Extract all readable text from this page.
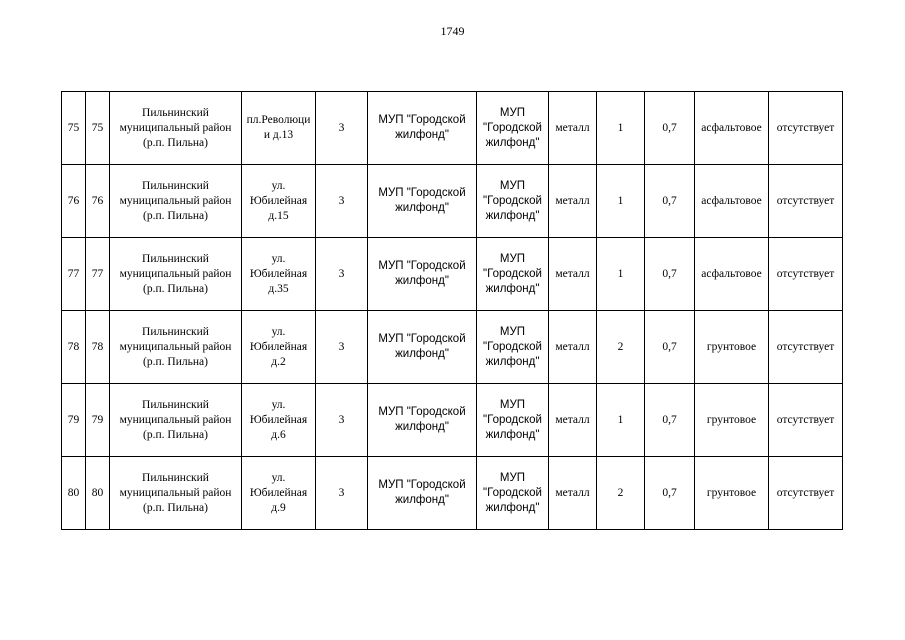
1749
75	75	Пильнинский
муниципальный район
(р.п. Пильна)	пл.Революци
и д.13	3	МУП "Городской
жилфонд"	МУП
"Городской
жилфонд"	металл	1	0,7	асфальтовое	отсутствует
76	76	Пильнинский
муниципальный район
(р.п. Пильна)	ул.
Юбилейная
д.15	3	МУП "Городской
жилфонд"	МУП
"Городской
жилфонд"	металл	1	0,7	асфальтовое	отсутствует
77	77	Пильнинский
муниципальный район
(р.п. Пильна)	ул.
Юбилейная
д.35	3	МУП "Городской
жилфонд"	МУП
"Городской
жилфонд"	металл	1	0,7	асфальтовое	отсутствует
78	78	Пильнинский
муниципальный район
(р.п. Пильна)	ул.
Юбилейная
д.2	3	МУП "Городской
жилфонд"	МУП
"Городской
жилфонд"	металл	2	0,7	грунтовое	отсутствует
79	79	Пильнинский
муниципальный район
(р.п. Пильна)	ул.
Юбилейная
д.6	3	МУП "Городской
жилфонд"	МУП
"Городской
жилфонд"	металл	1	0,7	грунтовое	отсутствует
80	80	Пильнинский
муниципальный район
(р.п. Пильна)	ул.
Юбилейная
д.9	3	МУП "Городской
жилфонд"	МУП
"Городской
жилфонд"	металл	2	0,7	грунтовое	отсутствует
